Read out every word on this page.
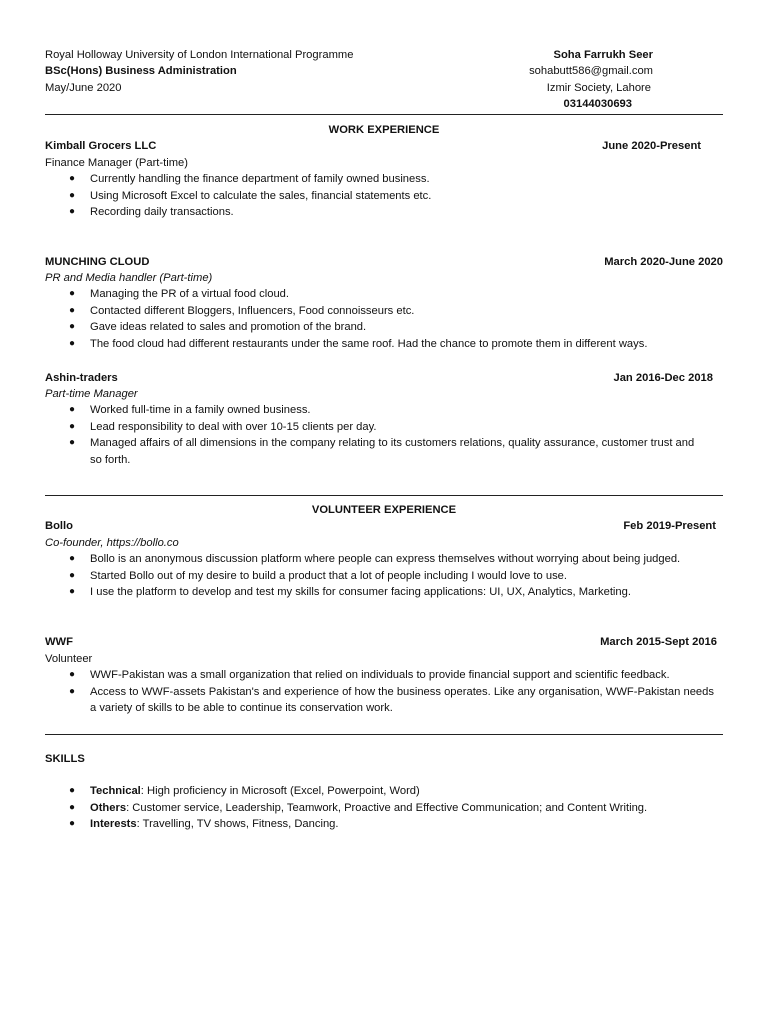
Royal Holloway University of London International Programme
BSc(Hons) Business Administration
May/June 2020
Soha Farrukh Seer
sohabutt586@gmail.com
Izmir Society, Lahore
03144030693
WORK EXPERIENCE
Kimball Grocers LLC	June 2020-Present
Finance Manager (Part-time)
● Currently handling the finance department of family owned business.
● Using Microsoft Excel to calculate the sales, financial statements etc.
● Recording daily transactions.
MUNCHING CLOUD	March 2020-June 2020
PR and Media handler (Part-time)
● Managing the PR of a virtual food cloud.
● Contacted different Bloggers, Influencers, Food connoisseurs etc.
● Gave ideas related to sales and promotion of the brand.
● The food cloud had different restaurants under the same roof. Had the chance to promote them in different ways.
Ashin-traders	Jan 2016-Dec 2018
Part-time Manager
● Worked full-time in a family owned business.
● Lead responsibility to deal with over 10-15 clients per day.
● Managed affairs of all dimensions in the company relating to its customers relations, quality assurance, customer trust and so forth.
VOLUNTEER EXPERIENCE
Bollo	Feb 2019-Present
Co-founder, https://bollo.co
● Bollo is an anonymous discussion platform where people can express themselves without worrying about being judged.
● Started Bollo out of my desire to build a product that a lot of people including I would love to use.
● I use the platform to develop and test my skills for consumer facing applications: UI, UX, Analytics, Marketing.
WWF	March 2015-Sept 2016
Volunteer
● WWF-Pakistan was a small organization that relied on individuals to provide financial support and scientific feedback.
● Access to WWF-assets Pakistan's and experience of how the business operates. Like any organisation, WWF-Pakistan needs a variety of skills to be able to continue its conservation work.
SKILLS
● Technical: High proficiency in Microsoft (Excel, Powerpoint, Word)
● Others: Customer service, Leadership, Teamwork, Proactive and Effective Communication; and Content Writing.
● Interests: Travelling, TV shows, Fitness, Dancing.
